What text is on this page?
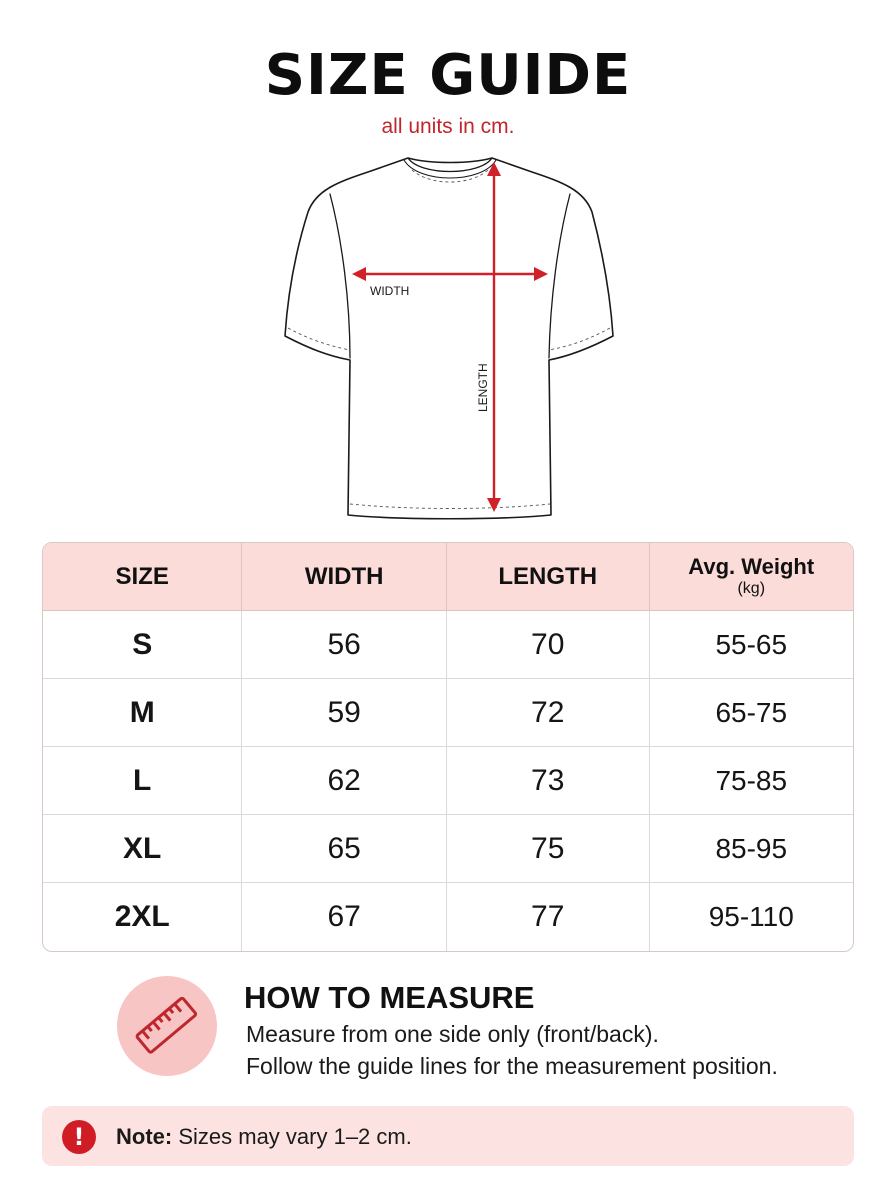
SIZE GUIDE
all units in cm.
WIDTH
LENGTH
SIZE	WIDTH	LENGTH	Avg. Weight
(kg)

S	56	70	55-65
M	59	72	65-75
L	62	73	75-85
XL	65	75	85-95
2XL	67	77	95-110
HOW TO MEASURE
Measure from one side only (front/back).
Follow the guide lines for the measurement position.
!	Note: Sizes may vary 1–2 cm.
